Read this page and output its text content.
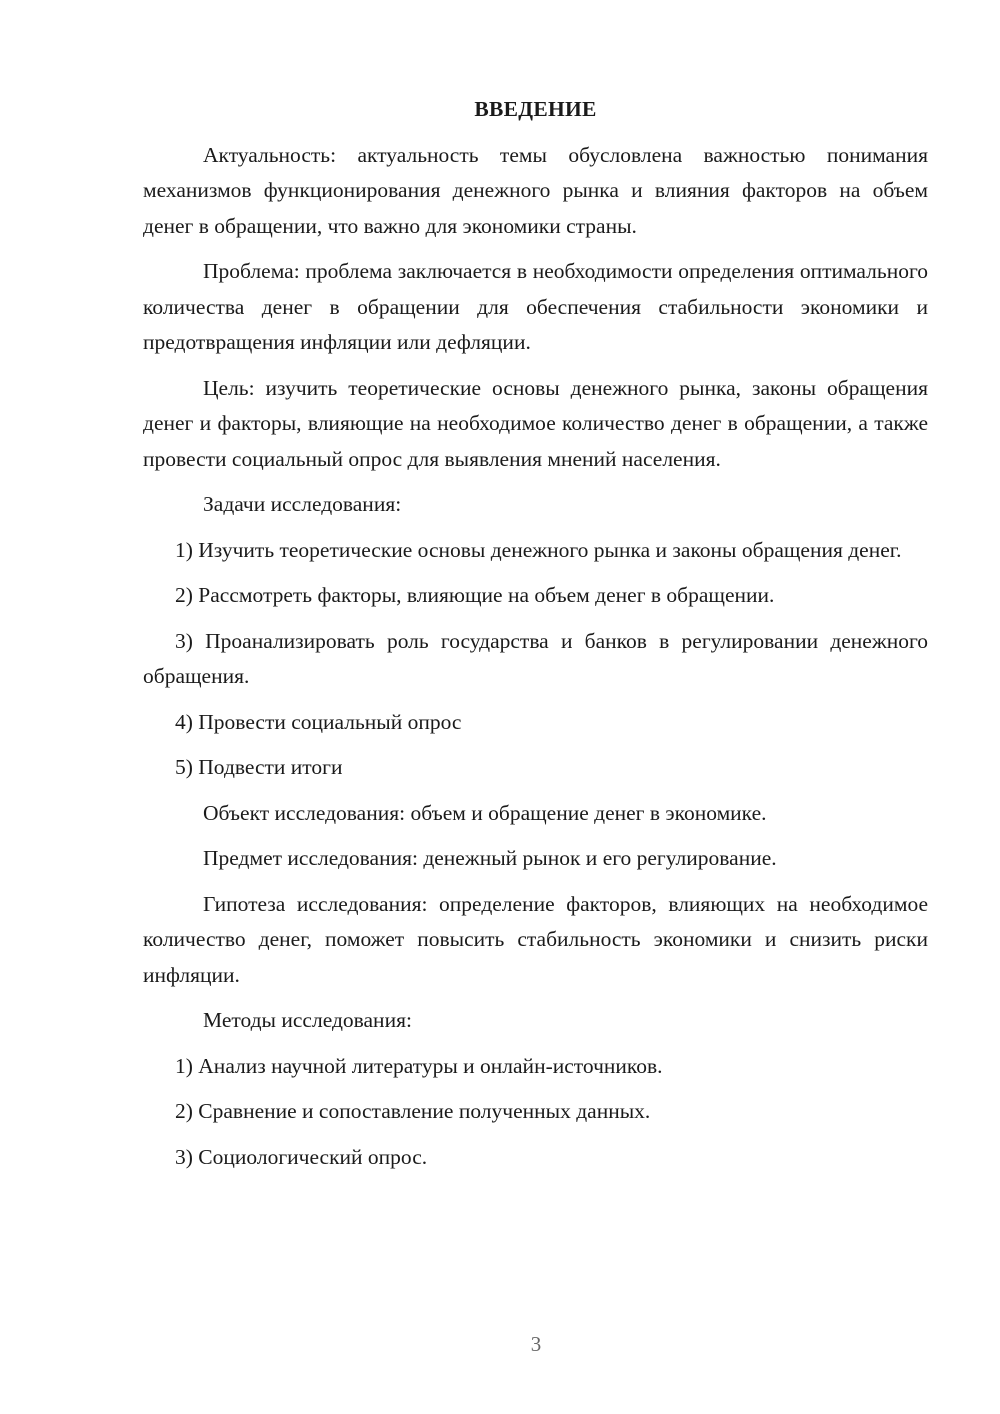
ВВЕДЕНИЕ

Актуальность: актуальность темы обусловлена важностью понимания механизмов функционирования денежного рынка и влияния факторов на объем денег в обращении, что важно для экономики страны.

Проблема: проблема заключается в необходимости определения оптимального количества денег в обращении для обеспечения стабильности экономики и предотвращения инфляции или дефляции.

Цель: изучить теоретические основы денежного рынка, законы обращения денег и факторы, влияющие на необходимое количество денег в обращении, а также провести социальный опрос для выявления мнений населения.

Задачи исследования:

1) Изучить теоретические основы денежного рынка и законы обращения денег.

2) Рассмотреть факторы, влияющие на объем денег в обращении.

3) Проанализировать роль государства и банков в регулировании денежного обращения.

4) Провести социальный опрос

5) Подвести итоги

Объект исследования: объем и обращение денег в экономике.

Предмет исследования: денежный рынок и его регулирование.

Гипотеза исследования: определение факторов, влияющих на необходимое количество денег, поможет повысить стабильность экономики и снизить риски инфляции.

Методы исследования:

1) Анализ научной литературы и онлайн-источников.

2) Сравнение и сопоставление полученных данных.

3) Социологический опрос.

3
